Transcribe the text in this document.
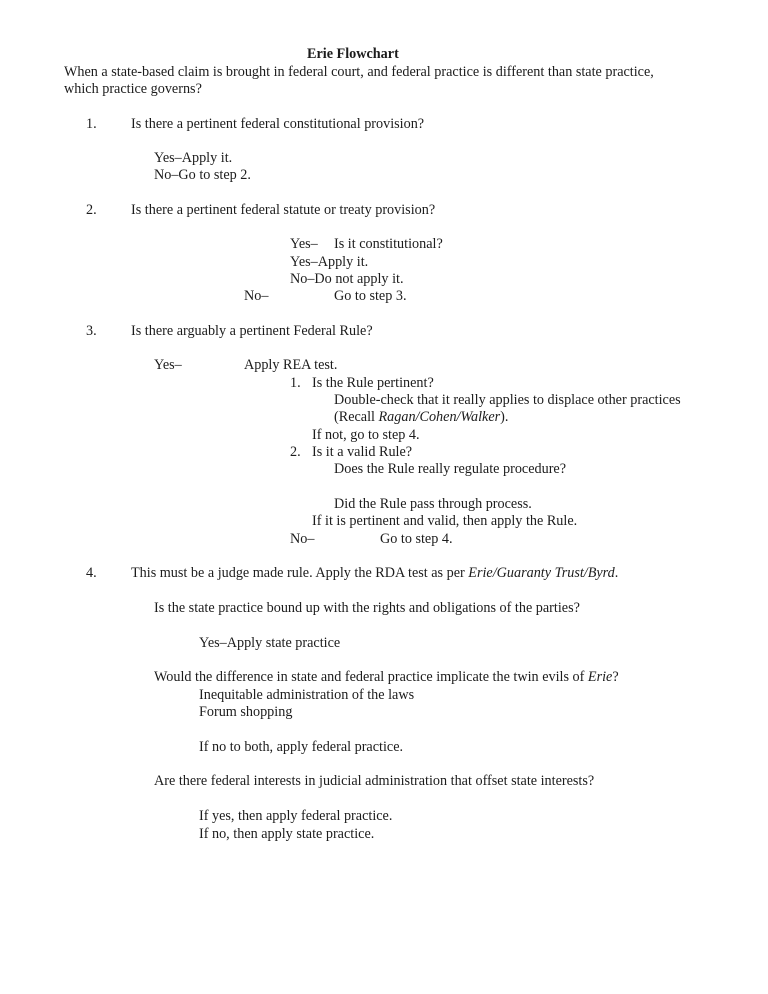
Erie Flowchart
When a state-based claim is brought in federal court, and federal practice is different than state practice,
which practice governs?
1. Is there a pertinent federal constitutional provision?
Yes–Apply it.
No–Go to step 2.
2. Is there a pertinent federal statute or treaty provision?
Yes– Is it constitutional?
Yes–Apply it.
No–Do not apply it.
No–	Go to step 3.
3. Is there arguably a pertinent Federal Rule?
Yes–	Apply REA test.
1. Is the Rule pertinent?
Double-check that it really applies to displace other practices
(Recall Ragan/Cohen/Walker).
If not, go to step 4.
2. Is it a valid Rule?
Does the Rule really regulate procedure?
Did the Rule pass through process.
If it is pertinent and valid, then apply the Rule.
No–	Go to step 4.
4. This must be a judge made rule. Apply the RDA test as per Erie/Guaranty Trust/Byrd.
Is the state practice bound up with the rights and obligations of the parties?
Yes–Apply state practice
Would the difference in state and federal practice implicate the twin evils of Erie?
Inequitable administration of the laws
Forum shopping
If no to both, apply federal practice.
Are there federal interests in judicial administration that offset state interests?
If yes, then apply federal practice.
If no, then apply state practice.
